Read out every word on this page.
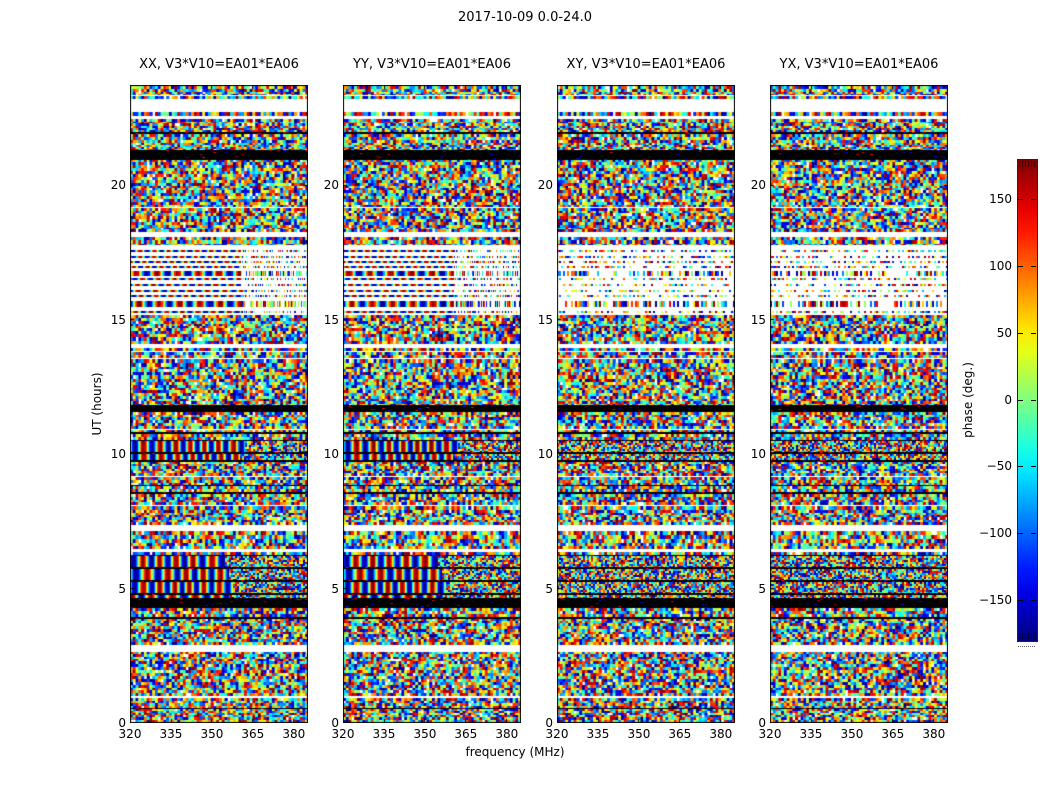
2017-10-09 0.0-24.0
UT (hours)
frequency (MHz)
XX, V3*V10=EA01*EA06
0
5
10
15
20
320	335	350	365	380
YY, V3*V10=EA01*EA06
0
5
10
15
20
320	335	350	365	380
XY, V3*V10=EA01*EA06
0
5
10
15
20
320	335	350	365	380
YX, V3*V10=EA01*EA06
0
5
10
15
20
320	335	350	365	380
phase (deg.)
150
100
50
0
−50
−100
−150
